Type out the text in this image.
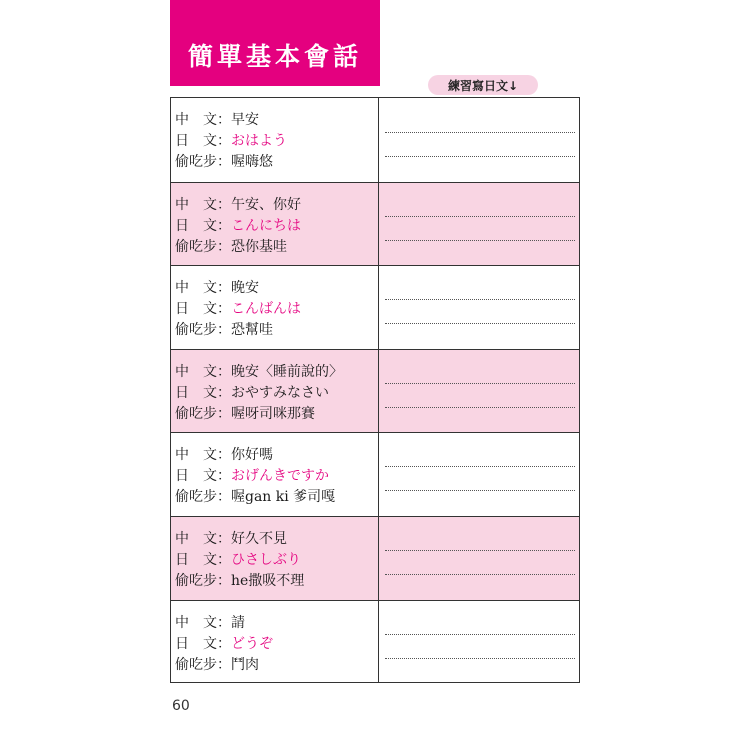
簡單基本會話
練習寫日文↓
中　文：早安
日　文：おはよう
偷吃步：喔嗨悠
中　文：午安、你好
日　文：こんにちは
偷吃步：恐你基哇
中　文：晚安
日　文：こんばんは
偷吃步：恐幫哇
中　文：晚安〈睡前說的〉
日　文：おやすみなさい
偷吃步：喔呀司咪那賽
中　文：你好嗎
日　文：おげんきですか
偷吃步：喔gan ki 爹司嘎
中　文：好久不見
日　文：ひさしぶり
偷吃步：he撒吸不理
中　文：請
日　文：どうぞ
偷吃步：鬥肉
60
